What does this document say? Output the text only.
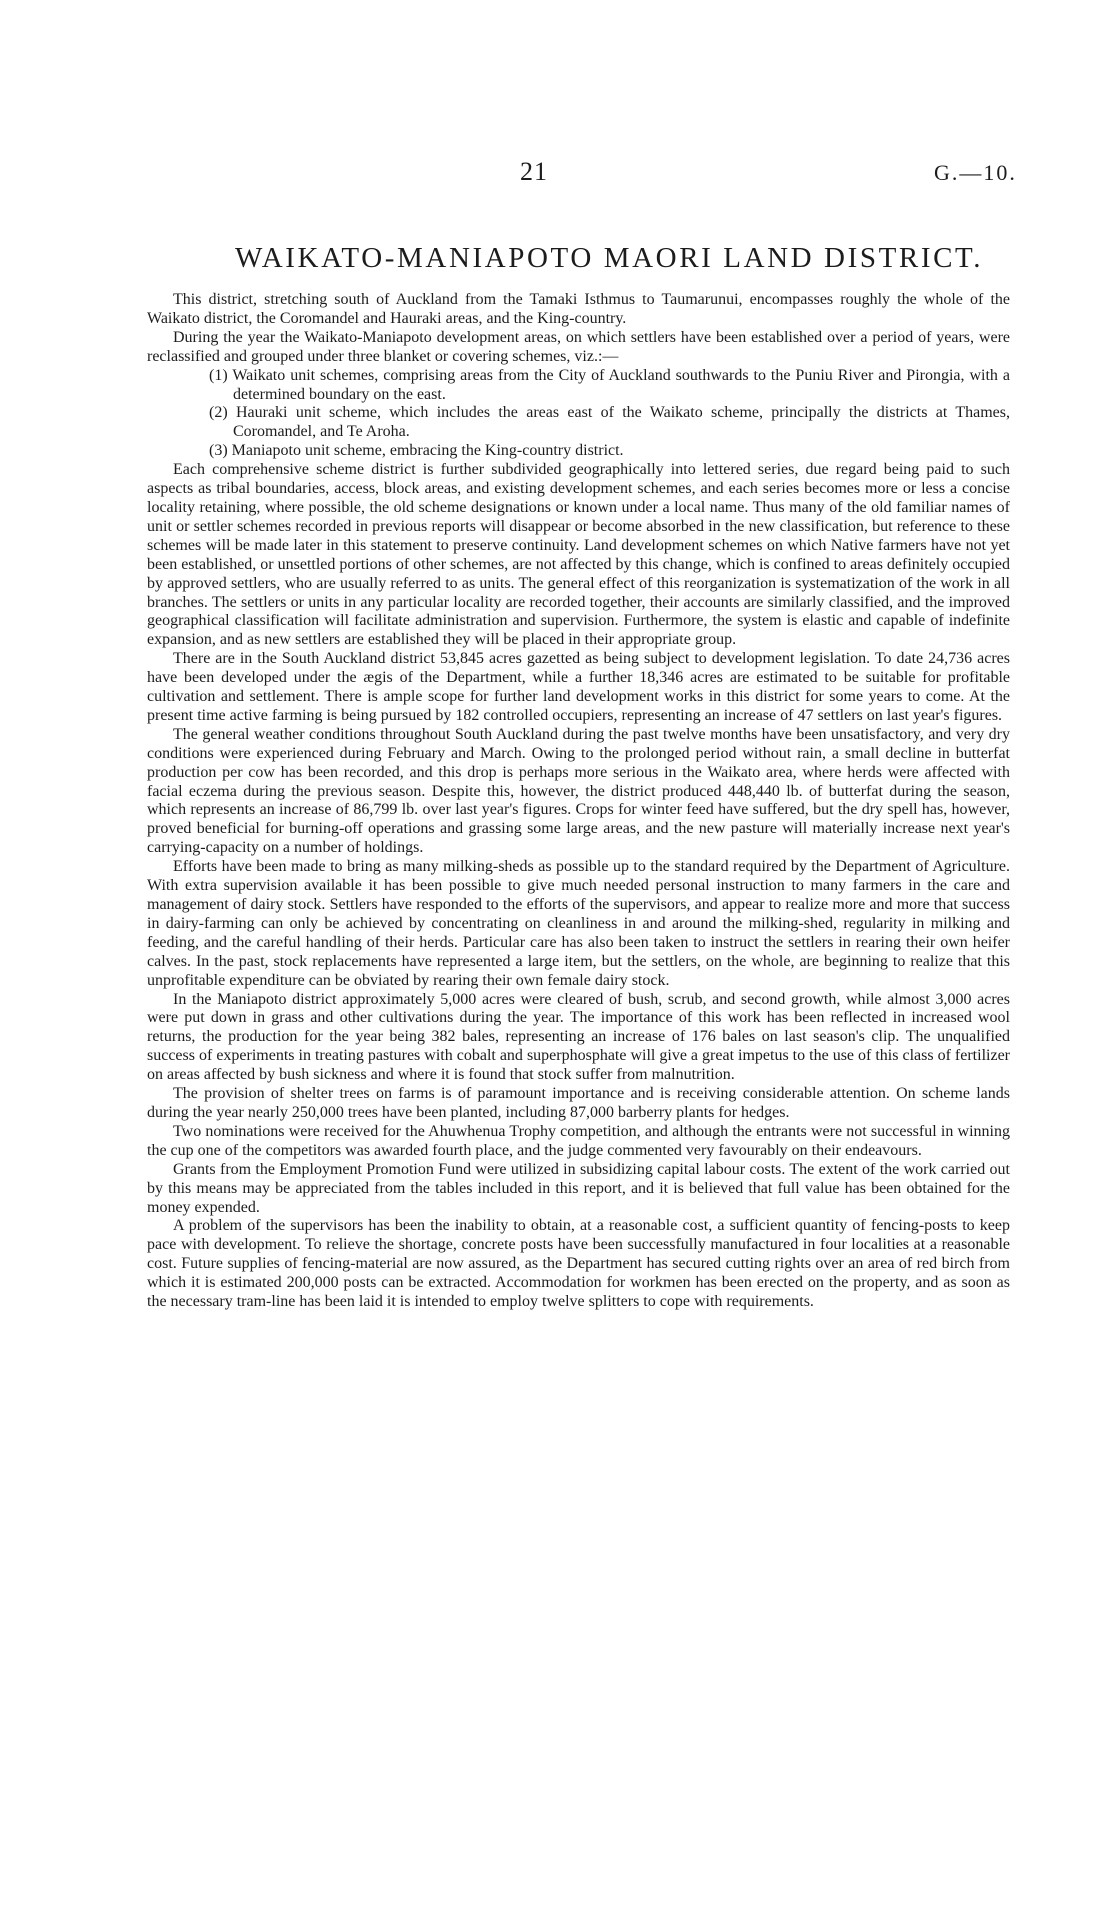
21	G.—10.
WAIKATO-MANIAPOTO MAORI LAND DISTRICT.

This district, stretching south of Auckland from the Tamaki Isthmus to Taumarunui, encompasses roughly the whole of the Waikato district, the Coromandel and Hauraki areas, and the King-country.

During the year the Waikato-Maniapoto development areas, on which settlers have been established over a period of years, were reclassified and grouped under three blanket or covering schemes, viz.:—

(1) Waikato unit schemes, comprising areas from the City of Auckland southwards to the Puniu River and Pirongia, with a determined boundary on the east.

(2) Hauraki unit scheme, which includes the areas east of the Waikato scheme, principally the districts at Thames, Coromandel, and Te Aroha.

(3) Maniapoto unit scheme, embracing the King-country district.

Each comprehensive scheme district is further subdivided geographically into lettered series, due regard being paid to such aspects as tribal boundaries, access, block areas, and existing development schemes, and each series becomes more or less a concise locality retaining, where possible, the old scheme designations or known under a local name. Thus many of the old familiar names of unit or settler schemes recorded in previous reports will disappear or become absorbed in the new classification, but reference to these schemes will be made later in this statement to preserve continuity. Land development schemes on which Native farmers have not yet been established, or unsettled portions of other schemes, are not affected by this change, which is confined to areas definitely occupied by approved settlers, who are usually referred to as units. The general effect of this reorganization is systematization of the work in all branches. The settlers or units in any particular locality are recorded together, their accounts are similarly classified, and the improved geographical classification will facilitate administration and supervision. Furthermore, the system is elastic and capable of indefinite expansion, and as new settlers are established they will be placed in their appropriate group.

There are in the South Auckland district 53,845 acres gazetted as being subject to development legislation. To date 24,736 acres have been developed under the ægis of the Department, while a further 18,346 acres are estimated to be suitable for profitable cultivation and settlement. There is ample scope for further land development works in this district for some years to come. At the present time active farming is being pursued by 182 controlled occupiers, representing an increase of 47 settlers on last year's figures.

The general weather conditions throughout South Auckland during the past twelve months have been unsatisfactory, and very dry conditions were experienced during February and March. Owing to the prolonged period without rain, a small decline in butterfat production per cow has been recorded, and this drop is perhaps more serious in the Waikato area, where herds were affected with facial eczema during the previous season. Despite this, however, the district produced 448,440 lb. of butterfat during the season, which represents an increase of 86,799 lb. over last year's figures. Crops for winter feed have suffered, but the dry spell has, however, proved beneficial for burning-off operations and grassing some large areas, and the new pasture will materially increase next year's carrying-capacity on a number of holdings.

Efforts have been made to bring as many milking-sheds as possible up to the standard required by the Department of Agriculture. With extra supervision available it has been possible to give much needed personal instruction to many farmers in the care and management of dairy stock. Settlers have responded to the efforts of the supervisors, and appear to realize more and more that success in dairy-farming can only be achieved by concentrating on cleanliness in and around the milking-shed, regularity in milking and feeding, and the careful handling of their herds. Particular care has also been taken to instruct the settlers in rearing their own heifer calves. In the past, stock replacements have represented a large item, but the settlers, on the whole, are beginning to realize that this unprofitable expenditure can be obviated by rearing their own female dairy stock.

In the Maniapoto district approximately 5,000 acres were cleared of bush, scrub, and second growth, while almost 3,000 acres were put down in grass and other cultivations during the year. The importance of this work has been reflected in increased wool returns, the production for the year being 382 bales, representing an increase of 176 bales on last season's clip. The unqualified success of experiments in treating pastures with cobalt and superphosphate will give a great impetus to the use of this class of fertilizer on areas affected by bush sickness and where it is found that stock suffer from malnutrition.

The provision of shelter trees on farms is of paramount importance and is receiving considerable attention. On scheme lands during the year nearly 250,000 trees have been planted, including 87,000 barberry plants for hedges.

Two nominations were received for the Ahuwhenua Trophy competition, and although the entrants were not successful in winning the cup one of the competitors was awarded fourth place, and the judge commented very favourably on their endeavours.

Grants from the Employment Promotion Fund were utilized in subsidizing capital labour costs. The extent of the work carried out by this means may be appreciated from the tables included in this report, and it is believed that full value has been obtained for the money expended.

A problem of the supervisors has been the inability to obtain, at a reasonable cost, a sufficient quantity of fencing-posts to keep pace with development. To relieve the shortage, concrete posts have been successfully manufactured in four localities at a reasonable cost. Future supplies of fencing-material are now assured, as the Department has secured cutting rights over an area of red birch from which it is estimated 200,000 posts can be extracted. Accommodation for workmen has been erected on the property, and as soon as the necessary tram-line has been laid it is intended to employ twelve splitters to cope with requirements.
